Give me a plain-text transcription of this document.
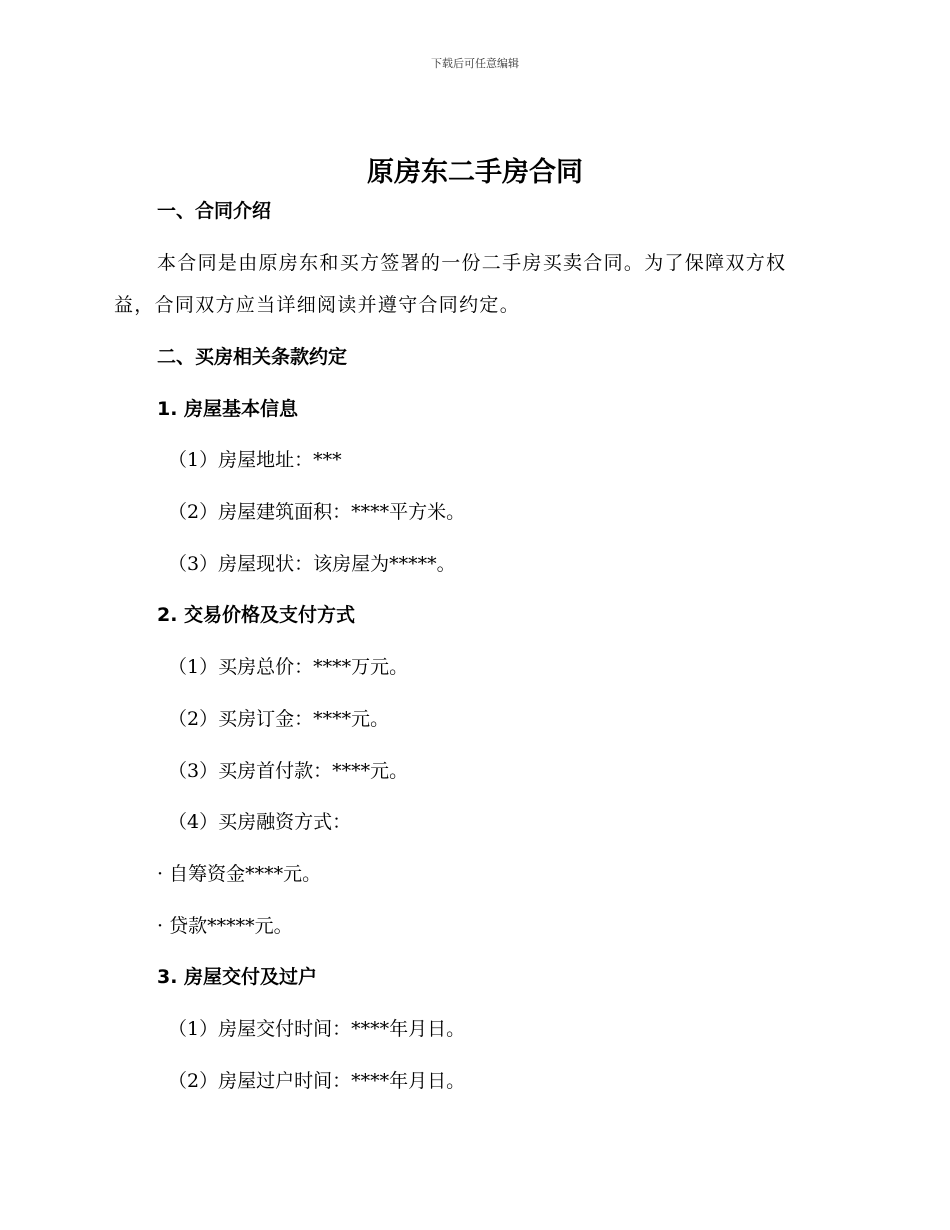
下载后可任意编辑
原房东二手房合同
一、合同介绍
本合同是由原房东和买方签署的一份二手房买卖合同。为了保障双方权
益，合同双方应当详细阅读并遵守合同约定。
二、买房相关条款约定
1. 房屋基本信息
（1）房屋地址：***
（2）房屋建筑面积：****平方米。
（3）房屋现状：该房屋为*****。
2. 交易价格及支付方式
（1）买房总价：****万元。
（2）买房订金：****元。
（3）买房首付款：****元。
（4）买房融资方式：
· 自筹资金****元。
· 贷款*****元。
3. 房屋交付及过户
（1）房屋交付时间：****年月日。
（2）房屋过户时间：****年月日。
